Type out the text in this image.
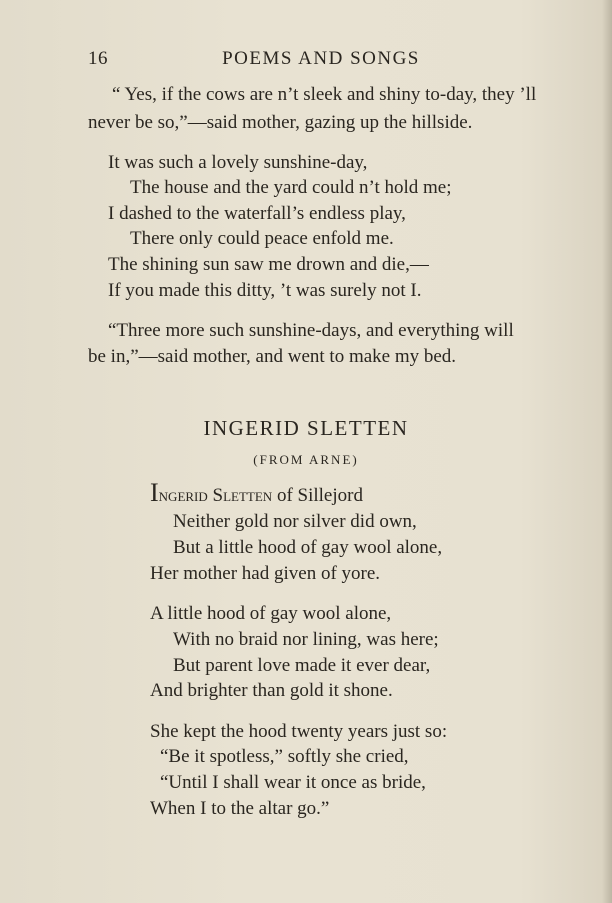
16	POEMS AND SONGS
“ Yes, if the cows are n’t sleek and shiny to-day, they ’ll
never be so,”—said mother, gazing up the hillside.
It was such a lovely sunshine-day,
The house and the yard could n’t hold me;
I dashed to the waterfall’s endless play,
There only could peace enfold me.
The shining sun saw me drown and die,—
If you made this ditty, ’t was surely not I.
“Three more such sunshine-days, and everything will
be in,”—said mother, and went to make my bed.
INGERID SLETTEN
(FROM ARNE)
Ingerid Sletten of Sillejord
Neither gold nor silver did own,
But a little hood of gay wool alone,
Her mother had given of yore.
A little hood of gay wool alone,
With no braid nor lining, was here;
But parent love made it ever dear,
And brighter than gold it shone.
She kept the hood twenty years just so:
“Be it spotless,” softly she cried,
“Until I shall wear it once as bride,
When I to the altar go.”
